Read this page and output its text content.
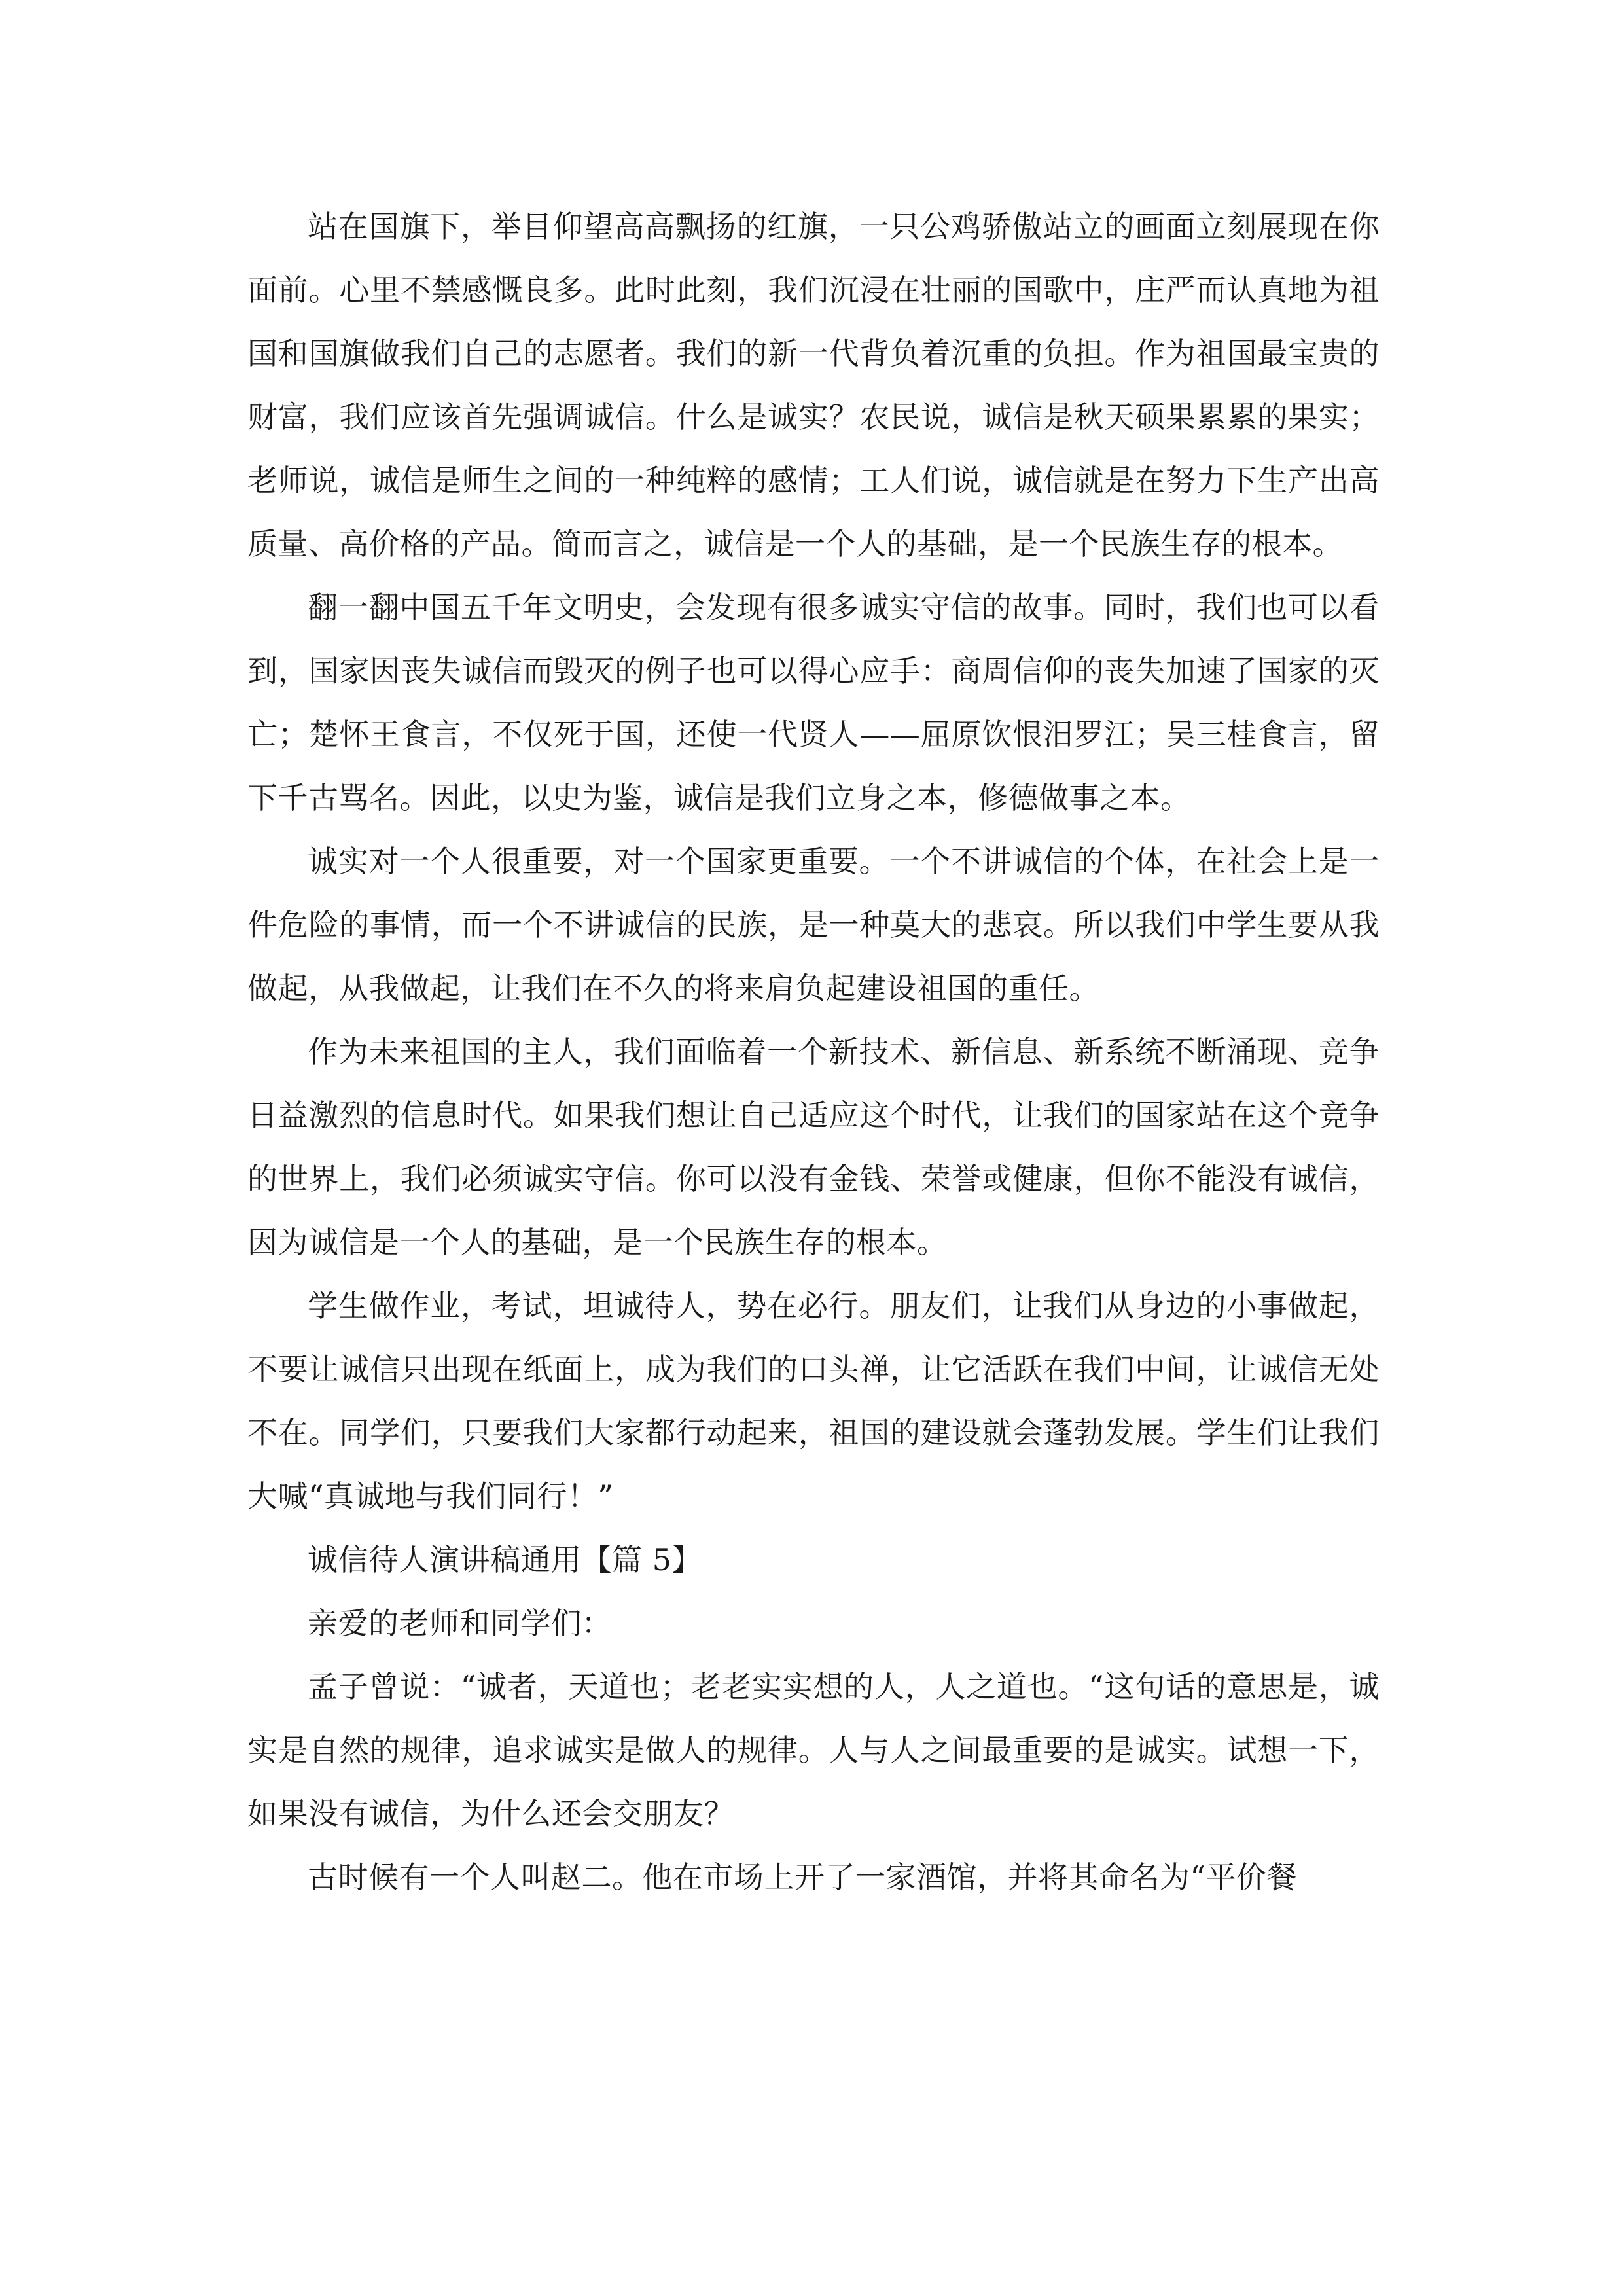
站在国旗下，举目仰望高高飘扬的红旗，一只公鸡骄傲站立的画面立刻展现在你面前。心里不禁感慨良多。此时此刻，我们沉浸在壮丽的国歌中，庄严而认真地为祖国和国旗做我们自己的志愿者。我们的新一代背负着沉重的负担。作为祖国最宝贵的财富，我们应该首先强调诚信。什么是诚实？农民说，诚信是秋天硕果累累的果实；老师说，诚信是师生之间的一种纯粹的感情；工人们说，诚信就是在努力下生产出高质量、高价格的产品。简而言之，诚信是一个人的基础，是一个民族生存的根本。

翻一翻中国五千年文明史，会发现有很多诚实守信的故事。同时，我们也可以看到，国家因丧失诚信而毁灭的例子也可以得心应手：商周信仰的丧失加速了国家的灭亡；楚怀王食言，不仅死于国，还使一代贤人——屈原饮恨汨罗江；吴三桂食言，留下千古骂名。因此，以史为鉴，诚信是我们立身之本，修德做事之本。

诚实对一个人很重要，对一个国家更重要。一个不讲诚信的个体，在社会上是一件危险的事情，而一个不讲诚信的民族，是一种莫大的悲哀。所以我们中学生要从我做起，从我做起，让我们在不久的将来肩负起建设祖国的重任。

作为未来祖国的主人，我们面临着一个新技术、新信息、新系统不断涌现、竞争日益激烈的信息时代。如果我们想让自己适应这个时代，让我们的国家站在这个竞争的世界上，我们必须诚实守信。你可以没有金钱、荣誉或健康，但你不能没有诚信，因为诚信是一个人的基础，是一个民族生存的根本。

学生做作业，考试，坦诚待人，势在必行。朋友们，让我们从身边的小事做起，不要让诚信只出现在纸面上，成为我们的口头禅，让它活跃在我们中间，让诚信无处不在。同学们，只要我们大家都行动起来，祖国的建设就会蓬勃发展。学生们让我们大喊“真诚地与我们同行！”

诚信待人演讲稿通用【篇 5】

亲爱的老师和同学们：

孟子曾说：“诚者，天道也；老老实实想的人，人之道也。“这句话的意思是，诚实是自然的规律，追求诚实是做人的规律。人与人之间最重要的是诚实。试想一下，如果没有诚信，为什么还会交朋友？

古时候有一个人叫赵二。他在市场上开了一家酒馆，并将其命名为“平价餐
